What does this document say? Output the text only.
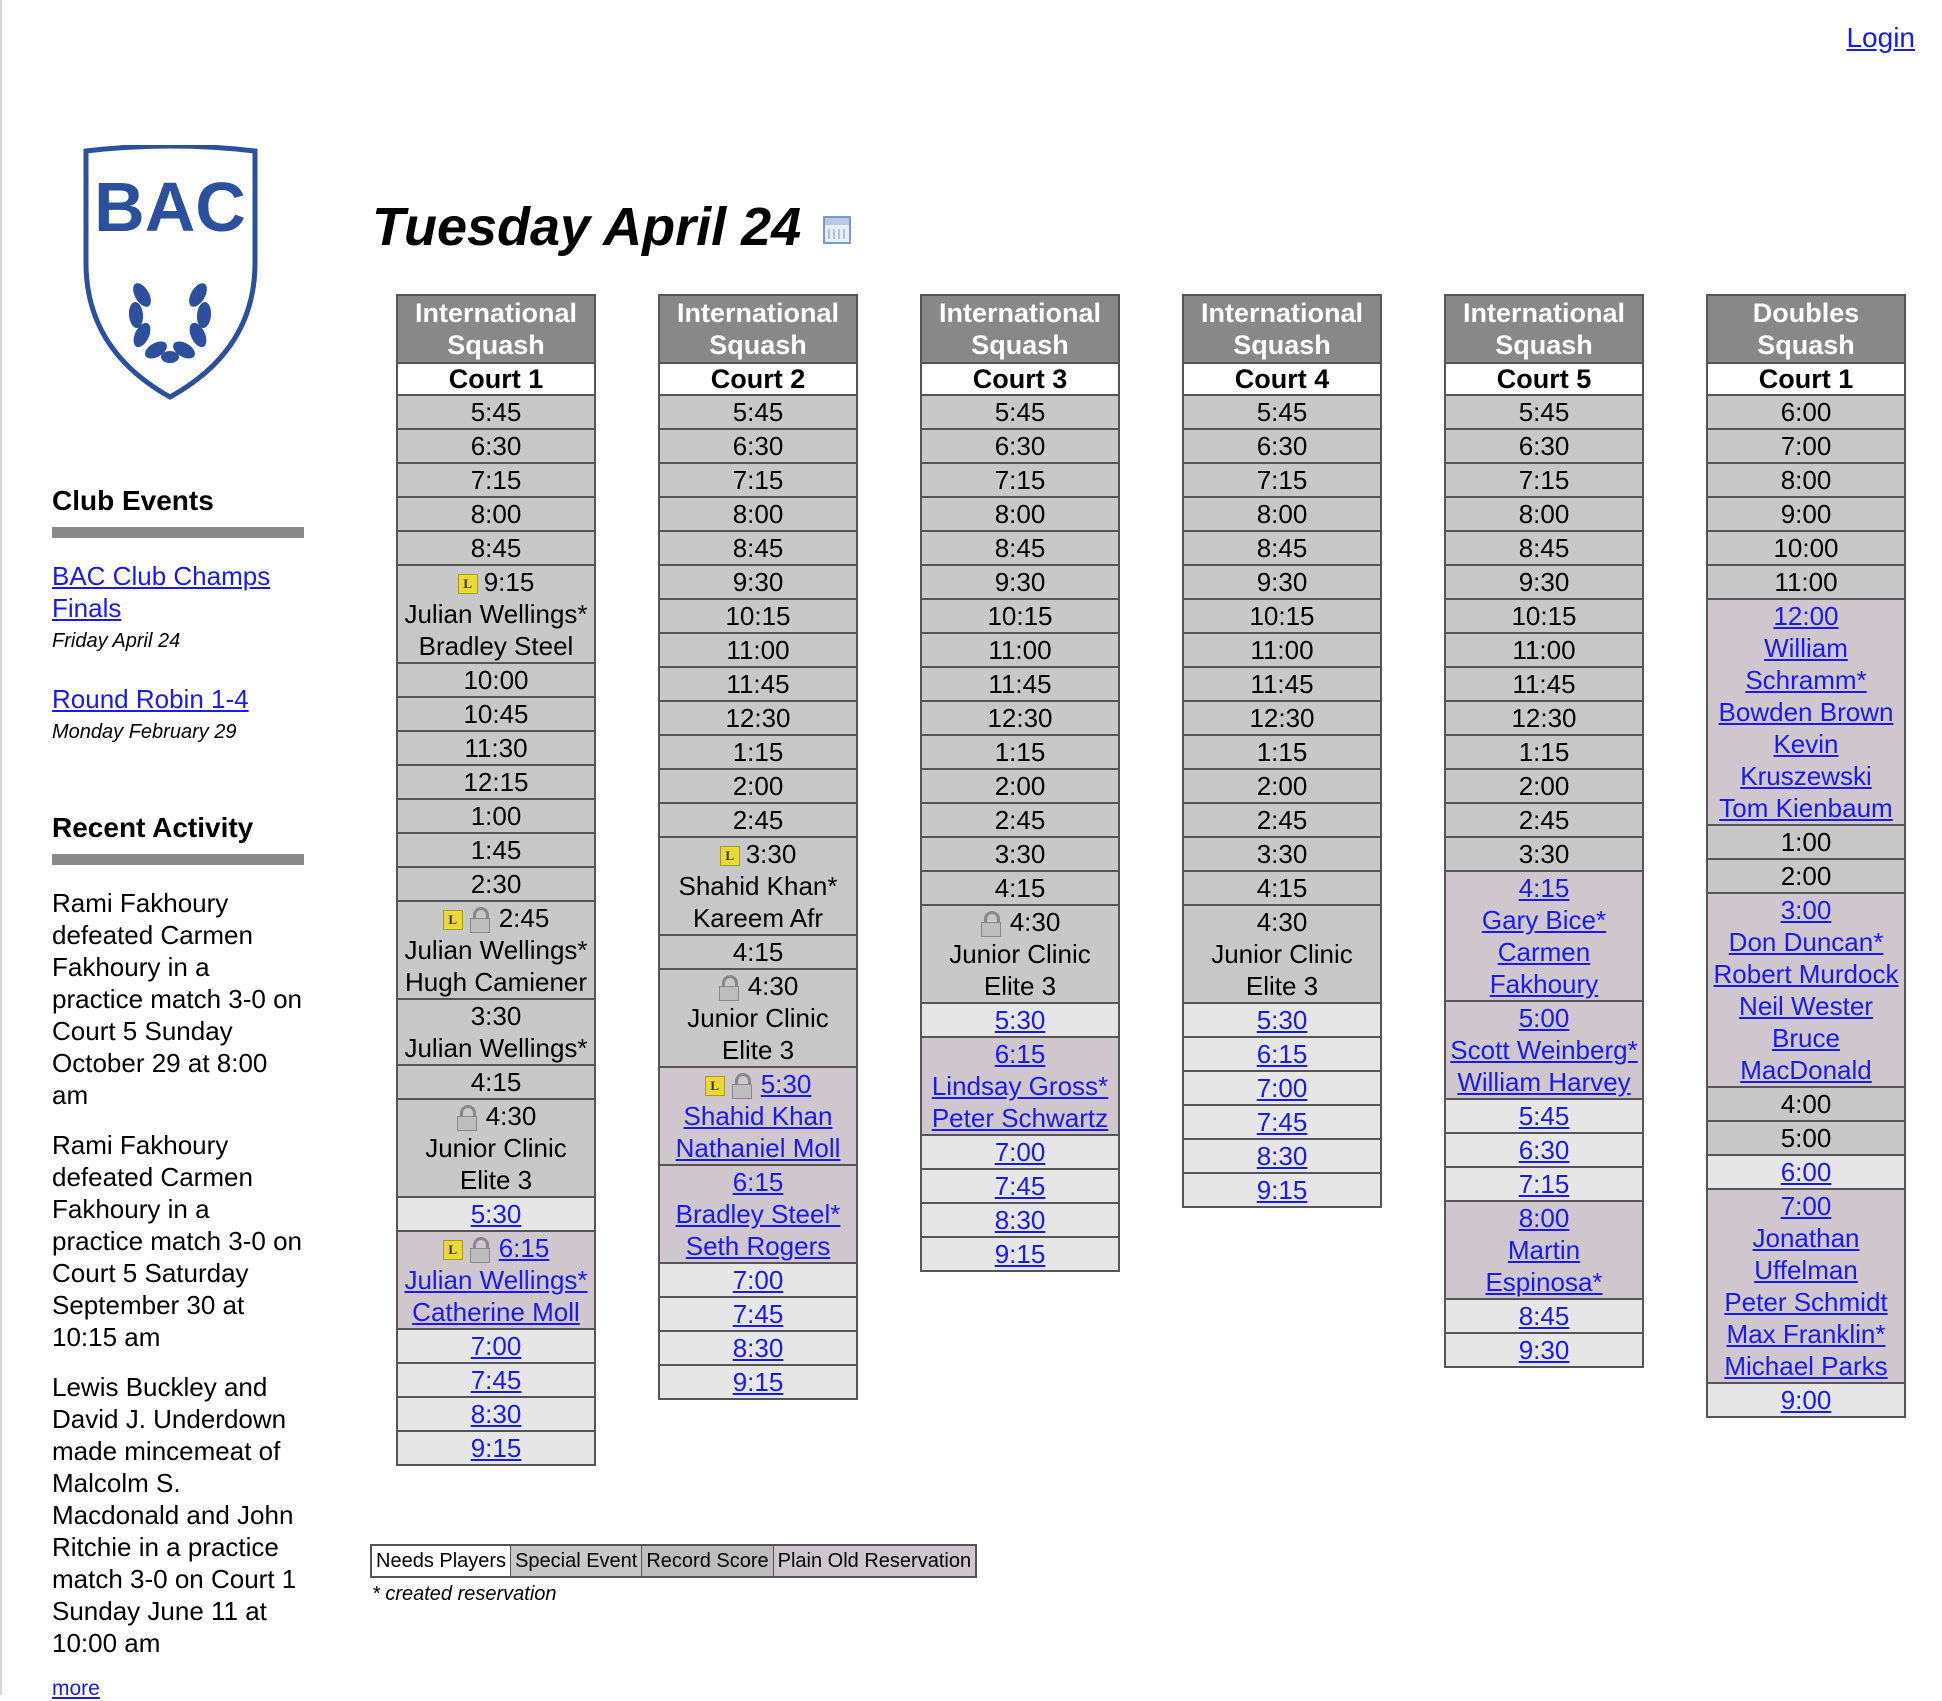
Login
BAC
Club Events
BAC Club Champs Finals
Friday April 24
Round Robin 1-4
Monday February 29
Recent Activity
Rami Fakhoury defeated Carmen Fakhoury in a practice match 3-0 on Court 5 Sunday October 29 at 8:00 am
Rami Fakhoury defeated Carmen Fakhoury in a practice match 3-0 on Court 5 Saturday September 30 at 10:15 am
Lewis Buckley and David J. Underdown made mincemeat of Malcolm S. Macdonald and John Ritchie in a practice match 3-0 on Court 1 Sunday June 11 at 10:00 am
more
Tuesday April 24
International Squash
Court 1
5:45
6:30
7:15
8:00
8:45
L 9:15
Julian Wellings*
Bradley Steel
10:00
10:45
11:30
12:15
1:00
1:45
2:30
L 2:45
Julian Wellings*
Hugh Camiener
3:30
Julian Wellings*
4:15
4:30
Junior Clinic
Elite 3
5:30
L 6:15
Julian Wellings*
Catherine Moll
7:00
7:45
8:30
9:15
International Squash
Court 2
5:45
6:30
7:15
8:00
8:45
9:30
10:15
11:00
11:45
12:30
1:15
2:00
2:45
L 3:30
Shahid Khan*
Kareem Afr
4:15
4:30
Junior Clinic
Elite 3
L 5:30
Shahid Khan
Nathaniel Moll
6:15
Bradley Steel*
Seth Rogers
7:00
7:45
8:30
9:15
International Squash
Court 3
5:45
6:30
7:15
8:00
8:45
9:30
10:15
11:00
11:45
12:30
1:15
2:00
2:45
3:30
4:15
4:30
Junior Clinic
Elite 3
5:30
6:15
Lindsay Gross*
Peter Schwartz
7:00
7:45
8:30
9:15
International Squash
Court 4
5:45
6:30
7:15
8:00
8:45
9:30
10:15
11:00
11:45
12:30
1:15
2:00
2:45
3:30
4:15
4:30
Junior Clinic
Elite 3
5:30
6:15
7:00
7:45
8:30
9:15
International Squash
Court 5
5:45
6:30
7:15
8:00
8:45
9:30
10:15
11:00
11:45
12:30
1:15
2:00
2:45
3:30
4:15
Gary Bice*
Carmen
Fakhoury
5:00
Scott Weinberg*
William Harvey
5:45
6:30
7:15
8:00
Martin
Espinosa*
8:45
9:30
Doubles Squash
Court 1
6:00
7:00
8:00
9:00
10:00
11:00
12:00
William
Schramm*
Bowden Brown
Kevin
Kruszewski
Tom Kienbaum
1:00
2:00
3:00
Don Duncan*
Robert Murdock
Neil Wester
Bruce
MacDonald
4:00
5:00
6:00
7:00
Jonathan
Uffelman
Peter Schmidt
Max Franklin*
Michael Parks
9:00
Needs Players Special Event Record Score Plain Old Reservation
* created reservation
